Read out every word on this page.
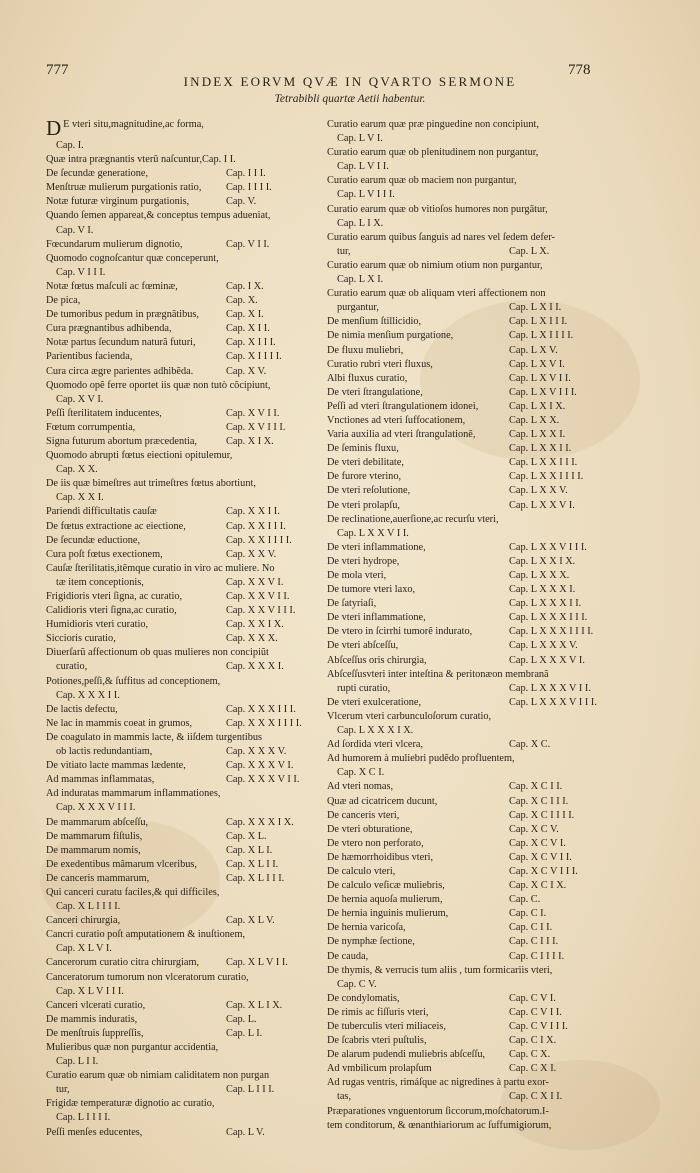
777	778
INDEX EORVM QVÆ IN QVARTO SERMONE
Tetrabibli quartæ Aetii habentur.
D E vteri situ,magnitudine,ac forma,
Cap. I.
Quæ intra prægnantis vterũ naſcuntur,Cap. I I.
De ſecundæ generatione,	Cap. I I I.
Menſtruæ mulierum purgationis ratio, Cap. I I I I.
Notæ futuræ virginum purgationis,	Cap. V.
Quando ſemen appareat,& conceptus tempus adueniat,
Cap. V I.
Fœcundarum mulierum dignotio,	Cap. V I I.
Quomodo cognoſcantur quæ conceperunt,
Cap. V I I I.
Notæ fœtus maſculi ac fœminæ,	Cap. I X.
De pica,	Cap. X.
De tumoribus pedum in prægnãtibus,	Cap. X I.
Cura prægnantibus adhibenda,	Cap. X I I.
Notæ partus ſecundum naturã futuri,	Cap. X I I I.
Parientibus facienda,	Cap. X I I I I.
Cura circa ægre parientes adhibẽda.	Cap. X V.
Quomodo opẽ ferre oportet iis quæ non tutò cõcipiunt,
Cap. X V I.
Peſſi ſterilitatem inducentes,	Cap. X V I I.
Fœtum corrumpentia,	Cap. X V I I I.
Signa futurum abortum præcedentia,	Cap. X I X.
Quomodo abrupti fœtus eiectioni opitulemur,
Cap. X X.
De iis quæ bimeſtres aut trimeſtres fœtus abortiunt,
Cap. X X I.
Pariendi difficultatis cauſæ	Cap. X X I I.
De fœtus extractione ac eiectione,	Cap. X X I I I.
De ſecundæ eductione,	Cap. X X I I I I.
Cura poſt fœtus exectionem,	Cap. X X V.
Cauſæ ſterilitatis,itẽmque curatio in viro ac muliere. No
tæ item conceptionis,	Cap. X X V I.
Frigidioris vteri ſigna, ac curatio,	Cap. X X V I I.
Calidioris vteri ſigna,ac curatio,	Cap. X X V I I I.
Humidioris vteri curatio,	Cap. X X I X.
Siccioris curatio,	Cap. X X X.
Diuerſarũ affectionum ob quas mulieres non concipiũt
curatio,	Cap. X X X I.
Potiones,peſſi,& ſuffitus ad conceptionem,
Cap. X X X I I.
De lactis defectu,	Cap. X X X I I I.
Ne lac in mammis coeat in grumos,	Cap. X X X I I I I.
De coagulato in mammis lacte, & iiſdem turgentibus
ob lactis redundantiam,	Cap. X X X V.
De vitiato lacte mammas lædente,	Cap. X X X V I.
Ad mammas inflammatas,	Cap. X X X V I I.
Ad induratas mammarum inflammationes,
Cap. X X X V I I I.
De mammarum abſceſſu,	Cap. X X X I X.
De mammarum fiſtulis,	Cap. X L.
De mammarum nomis,	Cap. X L I.
De exedentibus mãmarum vlceribus,	Cap. X L I I.
De canceris mammarum,	Cap. X L I I I.
Qui canceri curatu faciles,& qui difficiles,
Cap. X L I I I I.
Canceri chirurgia,	Cap. X L V.
Cancri curatio poſt amputationem & inuſtionem,
Cap. X L V I.
Cancerorum curatio citra chirurgiam,	Cap. X L V I I.
Canceratorum tumorum non vlceratorum curatio,
Cap. X L V I I I.
Canceri vlcerati curatio,	Cap. X L I X.
De mammis induratis,	Cap. L.
De menſtruis ſuppreſſis,	Cap. L I.
Mulieribus quæ non purgantur accidentia,
Cap. L I I.
Curatio earum quæ ob nimiam caliditatem non purgan
tur,	Cap. L I I I.
Frigidæ temperaturæ dignotio ac curatio,
Cap. L I I I I.
Peſſi menſes educentes,	Cap. L V.
Curatio earum quæ præ pinguedine non concipiunt,
Cap. L V I.
Curatio earum quæ ob plenitudinem non purgantur,
Cap. L V I I.
Curatio earum quæ ob maciem non purgantur,
Cap. L V I I I.
Curatio earum quæ ob vitioſos humores non purgãtur,
Cap. L I X.
Curatio earum quibus ſanguis ad nares vel ſedem defer-
tur,	Cap. L X.
Curatio earum quæ ob nimium otium non purgantur,
Cap. L X I.
Curatio earum quæ ob aliquam vteri affectionem non
purgantur,	Cap. L X I I.
De menſium ſtillicidio,	Cap. L X I I I.
De nimia menſium purgatione,	Cap. L X I I I I.
De fluxu muliebri,	Cap. L X V.
Curatio rubri vteri fluxus,	Cap. L X V I.
Albi fluxus curatio,	Cap. L X V I I.
De vteri ſtrangulatione,	Cap. L X V I I I.
Peſſi ad vteri ſtrangulationem idonei,	Cap. L X I X.
Vnctiones ad vteri ſuffocationem,	Cap. L X X.
Varia auxilia ad vteri ſtrangulationẽ,	Cap. L X X I.
De ſeminis fluxu,	Cap. L X X I I.
De vteri debilitate,	Cap. L X X I I I.
De furore vterino,	Cap. L X X I I I I.
De vteri reſolutione,	Cap. L X X V.
De vteri prolapſu,	Cap. L X X V I.
De reclinatione,auerſione,ac recurſu vteri,
Cap. L X X V I I.
De vteri inflammatione,	Cap. L X X V I I I.
De vteri hydrope,	Cap. L X X I X.
De mola vteri,	Cap. L X X X.
De tumore vteri laxo,	Cap. L X X X I.
De ſatyriaſi,	Cap. L X X X I I.
De vteri inflammatione,	Cap. L X X X I I I.
De vtero in ſcirrhi tumorẽ indurato,	Cap. L X X X I I I I.
De vteri abſceſſu,	Cap. L X X X V.
Abſceſſus oris chirurgia,	Cap. L X X X V I.
Abſceſſusvteri inter inteſtina & peritonæon membranã
rupti curatio,	Cap. L X X X V I I.
De vteri exulceratione,	Cap. L X X X V I I I.
Vlcerum vteri carbunculoſorum curatio,
Cap. L X X X I X.
Ad ſordida vteri vlcera,	Cap. X C.
Ad humorem à muliebri pudẽdo profluentem,
Cap. X C I.
Ad vteri nomas,	Cap. X C I I.
Quæ ad cicatricem ducunt,	Cap. X C I I I.
De canceris vteri,	Cap. X C I I I I.
De vteri obturatione,	Cap. X C V.
De vtero non perforato,	Cap. X C V I.
De hæmorrhoidibus vteri,	Cap. X C V I I.
De calculo vteri,	Cap. X C V I I I.
De calculo veſicæ muliebris,	Cap. X C I X.
De hernia aquoſa mulierum,	Cap. C.
De hernia inguinis mulierum,	Cap. C I.
De hernia varicoſa,	Cap. C I I.
De nymphæ ſectione,	Cap. C I I I.
De cauda,	Cap. C I I I I.
De thymis, & verrucis tum aliis , tum formicariis vteri,
Cap. C V.
De condylomatis,	Cap. C V I.
De rimis ac fiſſuris vteri,	Cap. C V I I.
De tuberculis vteri miliaceis,	Cap. C V I I I.
De ſcabris vteri puſtulis,	Cap. C I X.
De alarum pudendi muliebris abſceſſu, Cap. C X.
Ad vmbilicum prolapſum	Cap. C X I.
Ad rugas ventris, rimáſque ac nigredines à partu exor-
tas,	Cap. C X I I.
Præparationes vnguentorum ſiccorum,moſchatorum.I-
tem conditorum, & œnanthiariorum ac ſuffumigiorum,
